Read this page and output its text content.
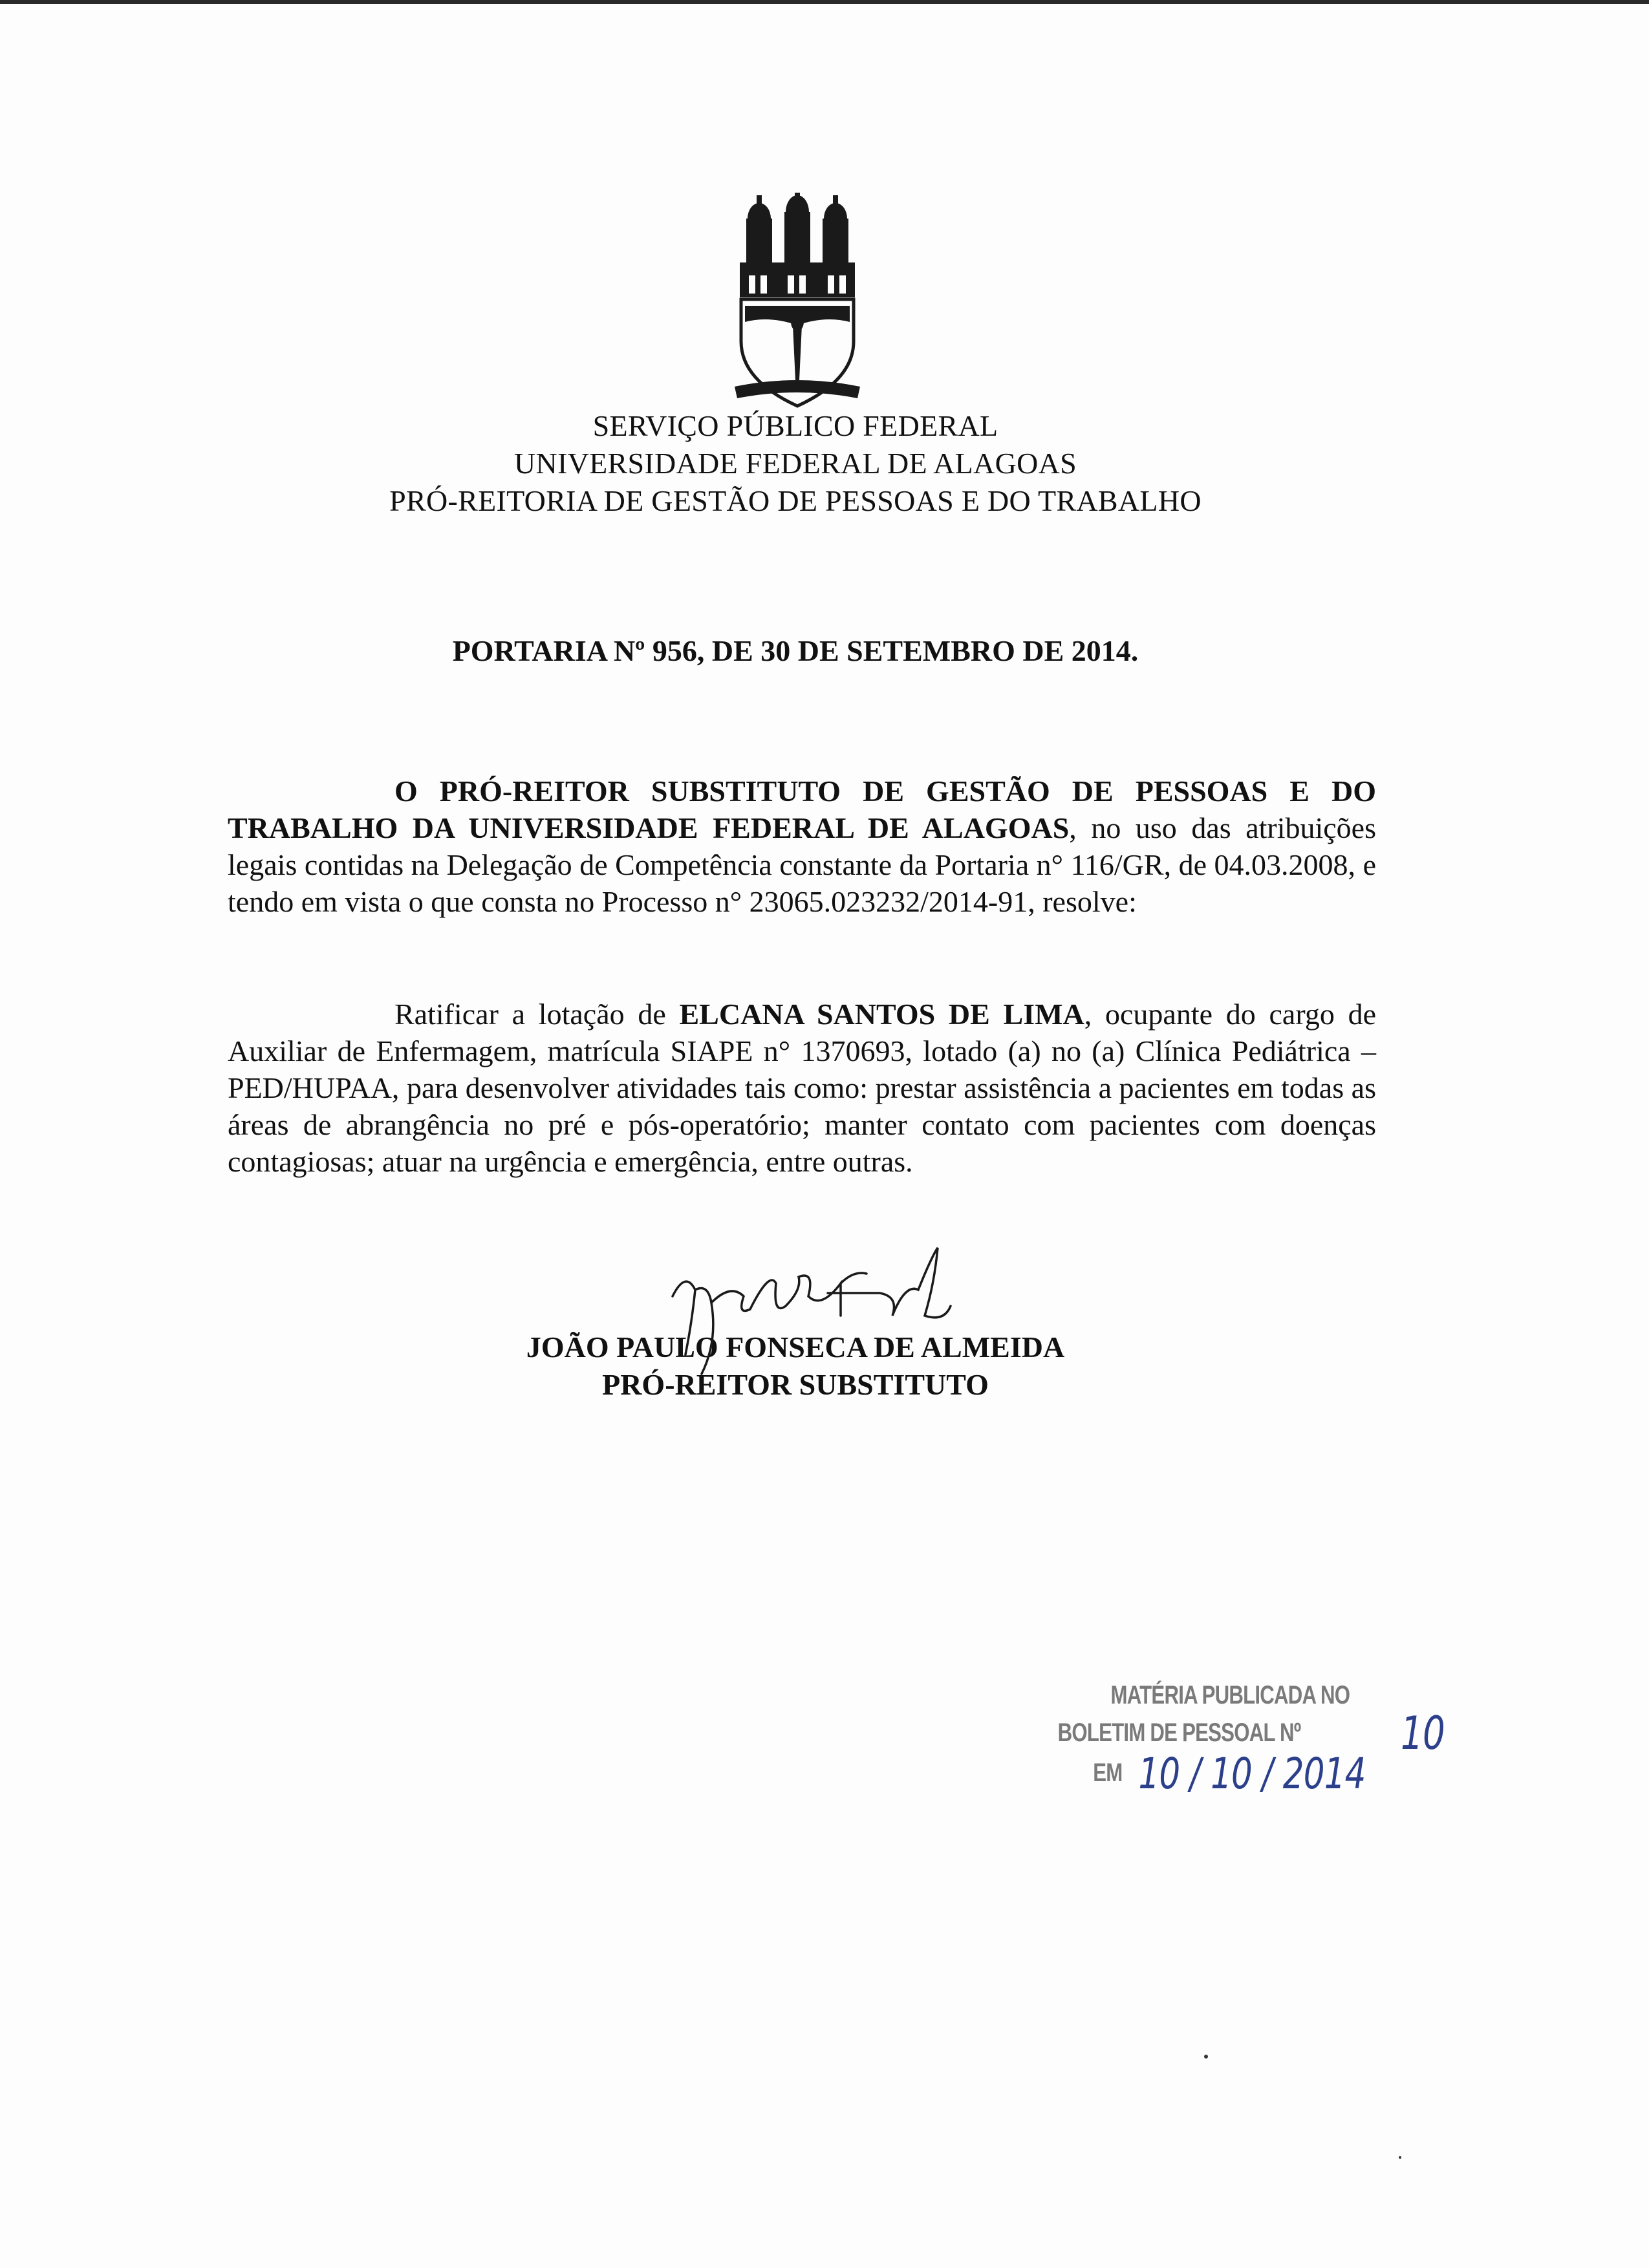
SERVIÇO PÚBLICO FEDERAL
UNIVERSIDADE FEDERAL DE ALAGOAS
PRÓ-REITORIA DE GESTÃO DE PESSOAS E DO TRABALHO
PORTARIA Nº 956, DE 30 DE SETEMBRO DE 2014.
O PRÓ-REITOR SUBSTITUTO DE GESTÃO DE PESSOAS E DO TRABALHO DA UNIVERSIDADE FEDERAL DE ALAGOAS, no uso das atribuições legais contidas na Delegação de Competência constante da Portaria n° 116/GR, de 04.03.2008, e tendo em vista o que consta no Processo n° 23065.023232/2014-91, resolve:
Ratificar a lotação de ELCANA SANTOS DE LIMA, ocupante do cargo de Auxiliar de Enfermagem, matrícula SIAPE n° 1370693, lotado (a) no (a) Clínica Pediátrica – PED/HUPAA, para desenvolver atividades tais como: prestar assistência a pacientes em todas as áreas de abrangência no pré e pós-operatório; manter contato com pacientes com doenças contagiosas; atuar na urgência e emergência, entre outras.
JOÃO PAULO FONSECA DE ALMEIDA
PRÓ-REITOR SUBSTITUTO
MATÉRIA PUBLICADA NO
BOLETIM DE PESSOAL Nº
EM
10
10 / 10 / 2014
